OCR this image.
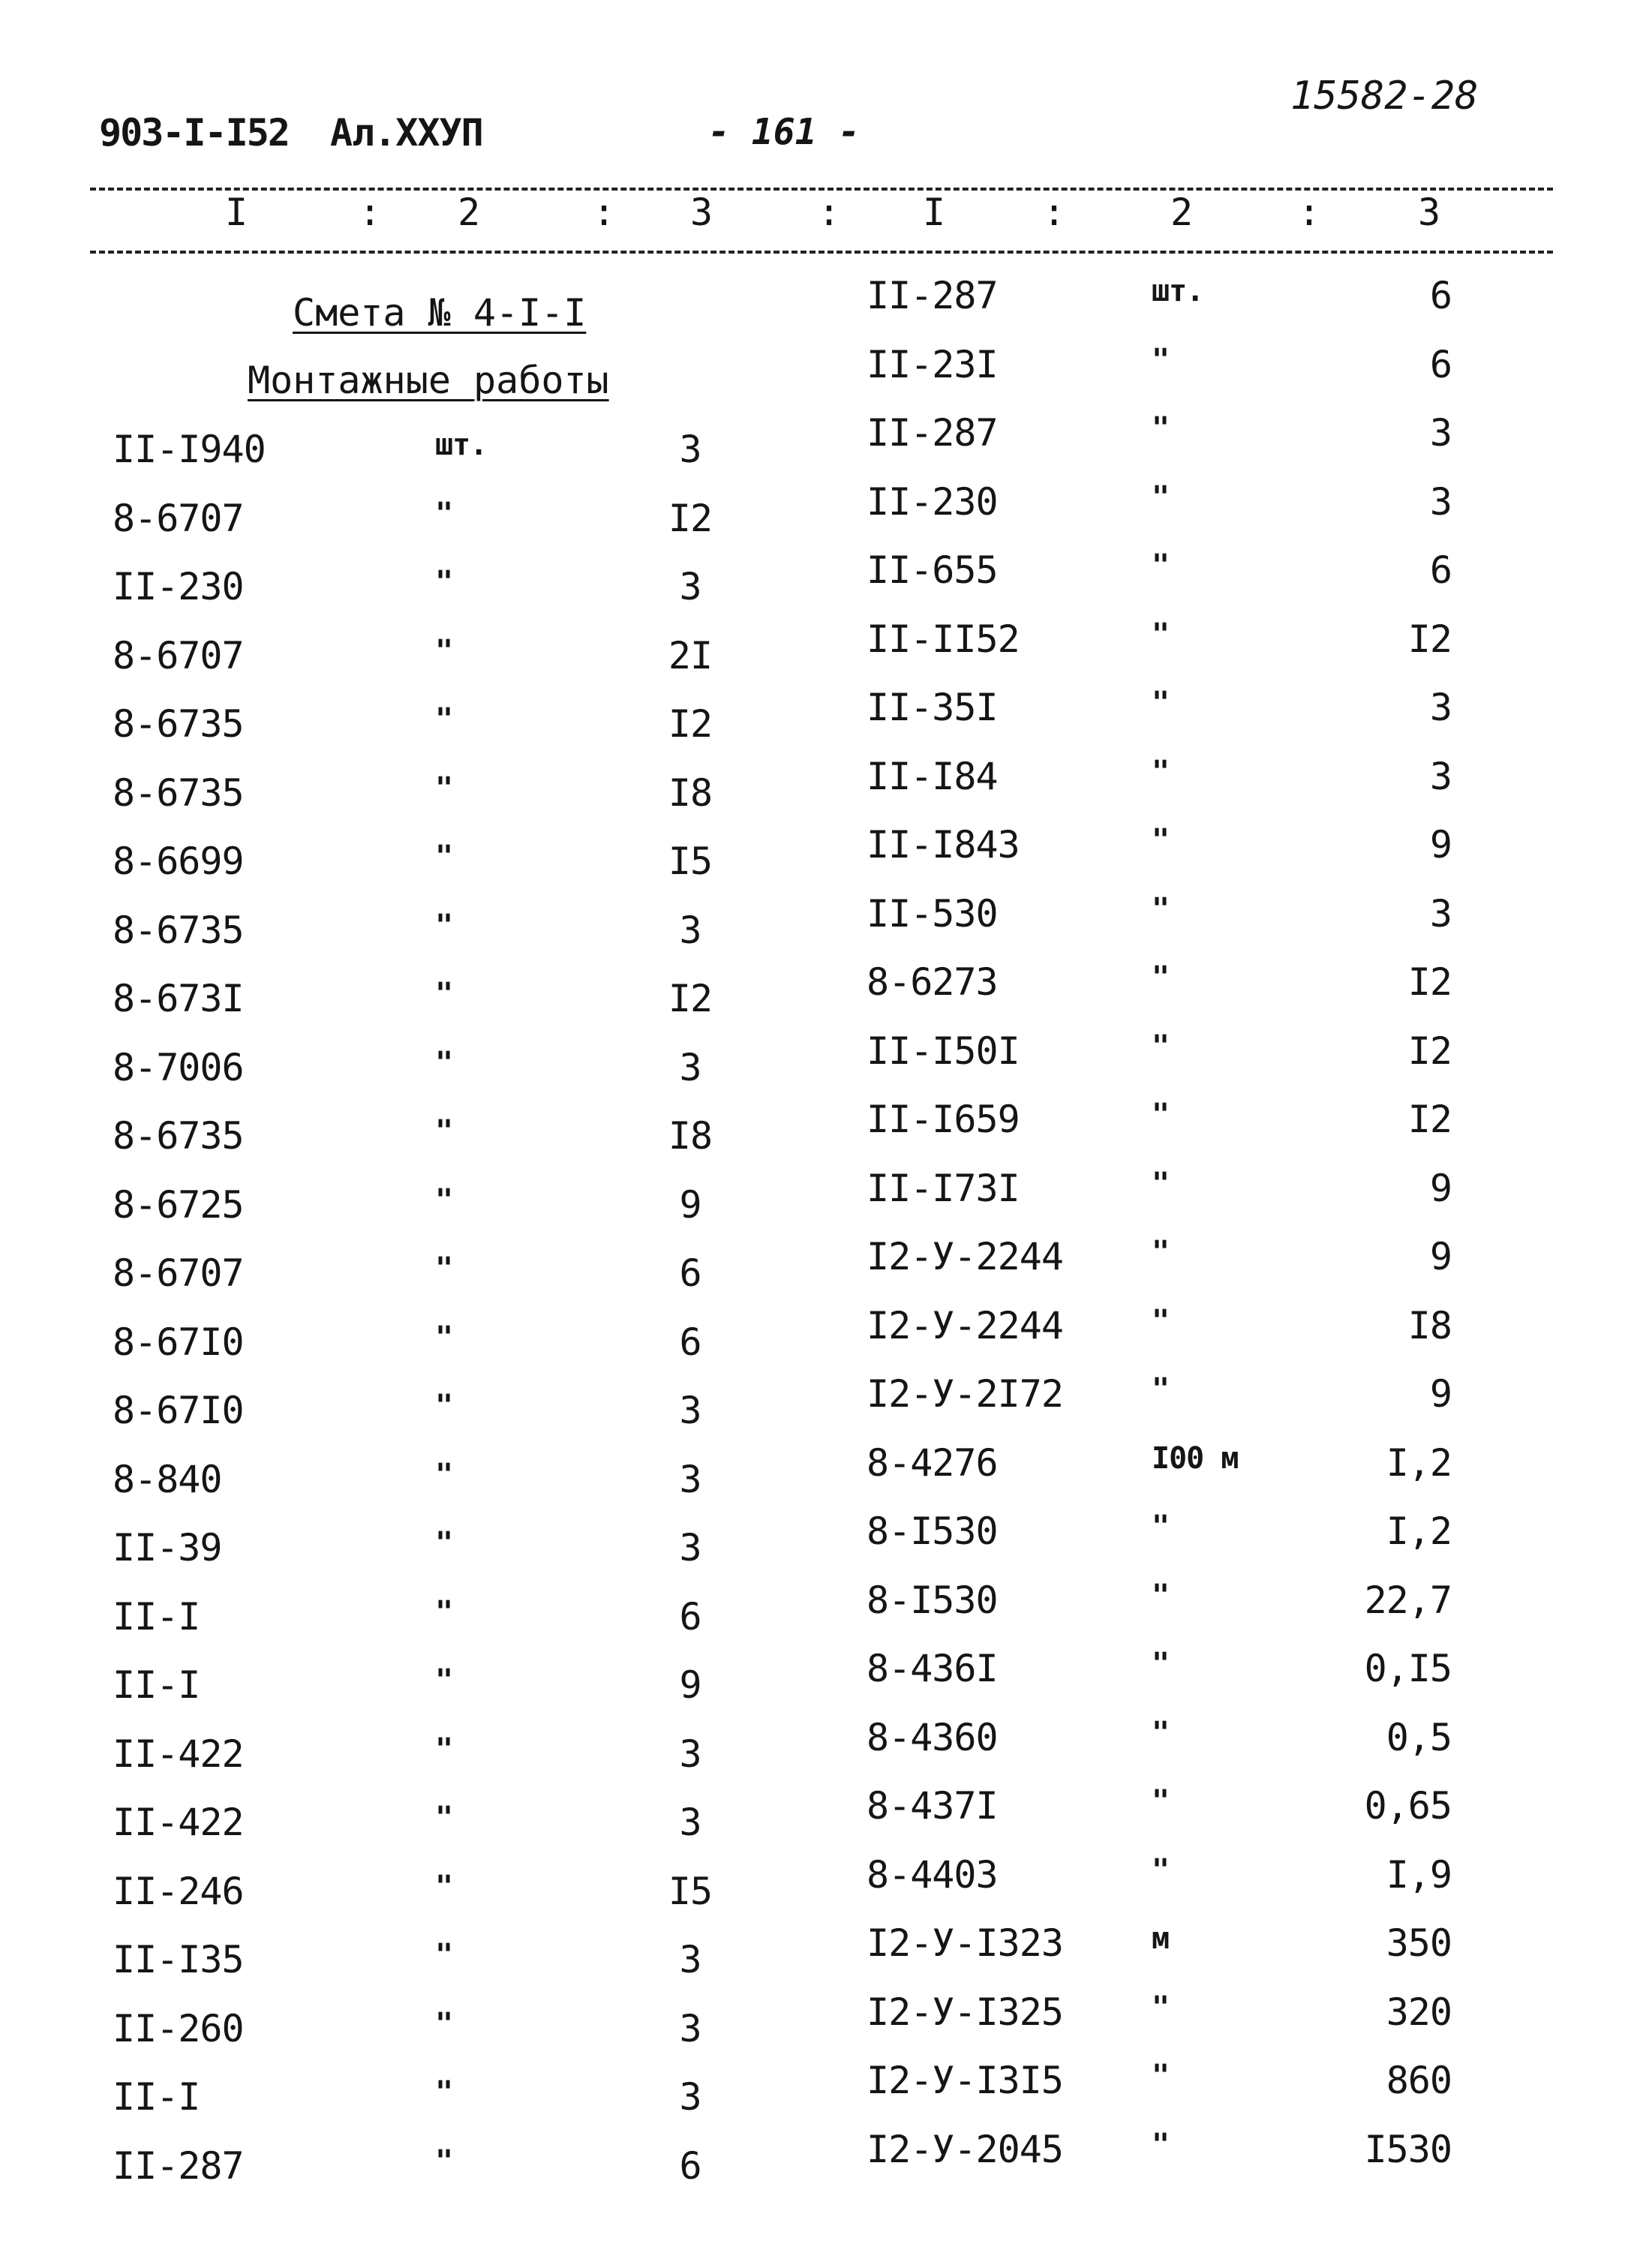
903-I-I52 Ал.XXУП	- 161 -
15582-28
I	: 2	: 3	: I	:	2	:	3
Смета № 4-I-I
Монтажные работы
II-I940	шт.	3
8-6707	"	I2
II-230	"	3
8-6707	"	2I
8-6735	"	I2
8-6735	"	I8
8-6699	"	I5
8-6735	"	3
8-673I	"	I2
8-7006	"	3
8-6735	"	I8
8-6725	"	9
8-6707	"	6
8-67I0	"	6
8-67I0	"	3
8-840	"	3
II-39	"	3
II-I	"	6
II-I	"	9
II-422	"	3
II-422	"	3
II-246	"	I5
II-I35	"	3
II-260	"	3
II-I	"	3
II-287	"	6
II-287	шт.	6
II-23I	"	6
II-287	"	3
II-230	"	3
II-655	"	6
II-II52	"	I2
II-35I	"	3
II-I84	"	3
II-I843	"	9
II-530	"	3
8-6273	"	I2
II-I50I	"	I2
II-I659	"	I2
II-I73I	"	9
I2-У-2244	"	9
I2-У-2244	"	I8
I2-У-2I72	"	9
8-4276	I00 м	I,2
8-I530	"	I,2
8-I530	"	22,7
8-436I	"	0,I5
8-4360	"	0,5
8-437I	"	0,65
8-4403	"	I,9
I2-У-I323	м	350
I2-У-I325	"	320
I2-У-I3I5	"	860
I2-У-2045	"	I530
